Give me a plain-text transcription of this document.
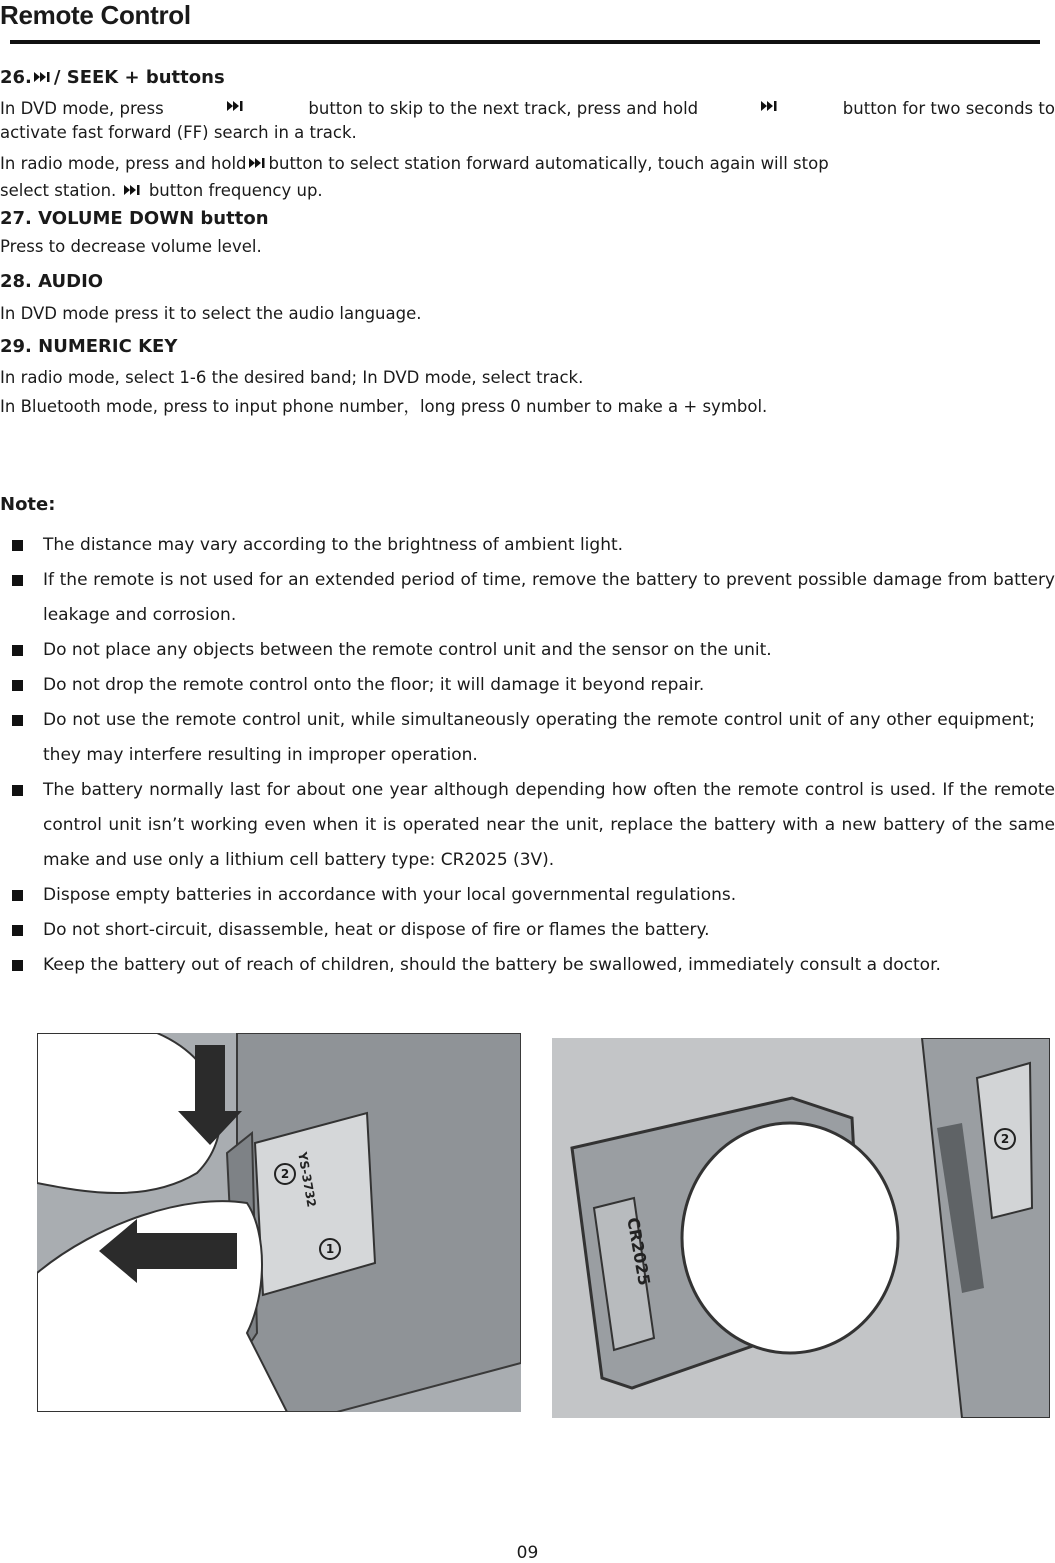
Remote Control
26. / SEEK + buttons
In DVD mode, press	button to skip to the next track, press and hold	button for two seconds to
activate fast forward (FF) search in a track.
In radio mode, press and hold button to select station forward automatically, touch again will stop
select station. button frequency up.
27. VOLUME DOWN button
Press to decrease volume level.
28. AUDIO
In DVD mode press it to select the audio language.
29. NUMERIC KEY
In radio mode, select 1-6 the desired band; In DVD mode, select track.
In Bluetooth mode, press to input phone number，long press 0 number to make a + symbol.
Note:
The distance may vary according to the brightness of ambient light.
If the remote is not used for an extended period of time, remove the battery to prevent possible damage from battery leakage and corrosion.
Do not place any objects between the remote control unit and the sensor on the unit.
Do not drop the remote control onto the floor; it will damage it beyond repair.
Do not use the remote control unit, while simultaneously operating the remote control unit of any other equipment; they may interfere resulting in improper operation.
The battery normally last for about one year although depending how often the remote control is used. If the remote control unit isn’t working even when it is operated near the unit, replace the battery with a new battery of the same make and use only a lithium cell battery type: CR2025 (3V).
Dispose empty batteries in accordance with your local governmental regulations.
Do not short-circuit, disassemble, heat or dispose of fire or flames the battery.
Keep the battery out of reach of children, should the battery be swallowed, immediately consult a doctor.
YS-3732
2
1	CR2025
2
09
